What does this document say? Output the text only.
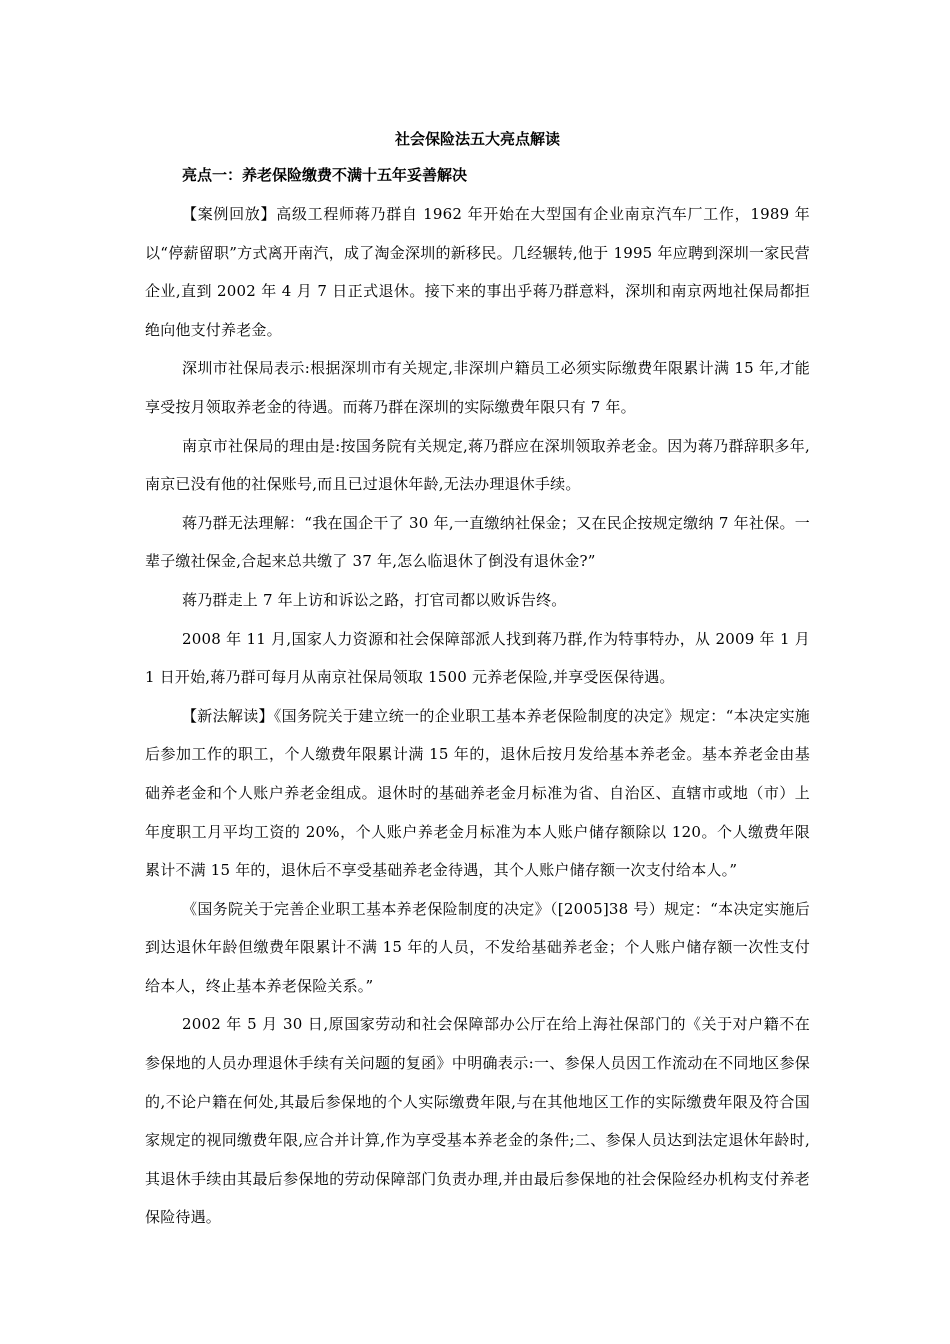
社会保险法五大亮点解读

亮点一：养老保险缴费不满十五年妥善解决

【案例回放】高级工程师蒋乃群自 1962 年开始在大型国有企业南京汽车厂工作，1989 年以“停薪留职”方式离开南汽，成了淘金深圳的新移民。几经辗转,他于 1995 年应聘到深圳一家民营企业,直到 2002 年 4 月 7 日正式退休。接下来的事出乎蒋乃群意料，深圳和南京两地社保局都拒绝向他支付养老金。

深圳市社保局表示:根据深圳市有关规定,非深圳户籍员工必须实际缴费年限累计满 15 年,才能享受按月领取养老金的待遇。而蒋乃群在深圳的实际缴费年限只有 7 年。

南京市社保局的理由是:按国务院有关规定,蒋乃群应在深圳领取养老金。因为蒋乃群辞职多年,南京已没有他的社保账号,而且已过退休年龄,无法办理退休手续。

蒋乃群无法理解：“我在国企干了 30 年,一直缴纳社保金；又在民企按规定缴纳 7 年社保。一辈子缴社保金,合起来总共缴了 37 年,怎么临退休了倒没有退休金?”

蒋乃群走上 7 年上访和诉讼之路，打官司都以败诉告终。

2008 年 11 月,国家人力资源和社会保障部派人找到蒋乃群,作为特事特办，从 2009 年 1 月 1 日开始,蒋乃群可每月从南京社保局领取 1500 元养老保险,并享受医保待遇。

【新法解读】《国务院关于建立统一的企业职工基本养老保险制度的决定》规定：“本决定实施后参加工作的职工，个人缴费年限累计满 15 年的，退休后按月发给基本养老金。基本养老金由基础养老金和个人账户养老金组成。退休时的基础养老金月标准为省、自治区、直辖市或地（市）上年度职工月平均工资的 20%，个人账户养老金月标准为本人账户储存额除以 120。个人缴费年限累计不满 15 年的，退休后不享受基础养老金待遇，其个人账户储存额一次支付给本人。”

《国务院关于完善企业职工基本养老保险制度的决定》（[2005]38 号）规定：“本决定实施后到达退休年龄但缴费年限累计不满 15 年的人员，不发给基础养老金；个人账户储存额一次性支付给本人，终止基本养老保险关系。”

2002 年 5 月 30 日,原国家劳动和社会保障部办公厅在给上海社保部门的《关于对户籍不在参保地的人员办理退休手续有关问题的复函》中明确表示:一、参保人员因工作流动在不同地区参保的,不论户籍在何处,其最后参保地的个人实际缴费年限,与在其他地区工作的实际缴费年限及符合国家规定的视同缴费年限,应合并计算,作为享受基本养老金的条件;二、参保人员达到法定退休年龄时,其退休手续由其最后参保地的劳动保障部门负责办理,并由最后参保地的社会保险经办机构支付养老保险待遇。
